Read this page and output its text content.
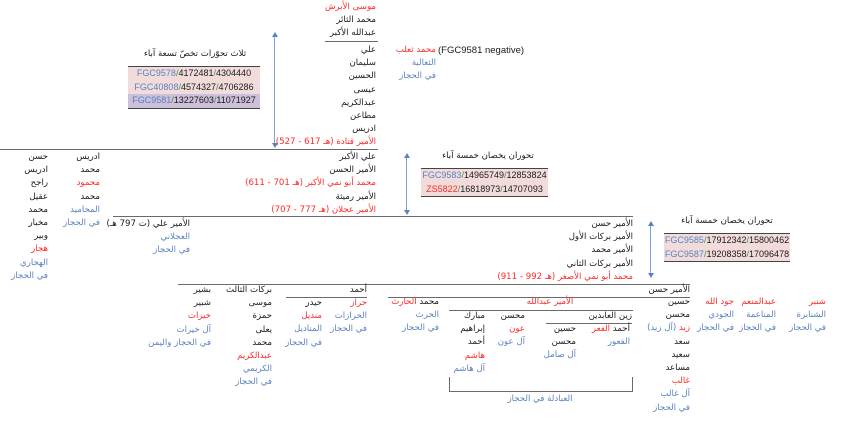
(FGC9581 negative)
موسى الأبرش
محمد الثائر
عبدالله الأكبر
علي
سليمان
الحسين
عيسى
عبدالكريم
مطاعن
ادريس
الأمير قتادة (هـ 617 - 527)
محمد ثعلب
الثعالبة
في الحجاز
ثلاث تحوّرات تخصّ تسعة آباء
FGC9578/4172481/4304440
FGC40808/4574327/4706286
FGC9581/13227603/11071927
علي الأكبر
الأمير الحسن
محمد أبو نمي الأكبر (هـ 701 - 611)
الأمير رميثة
الأمير عجلان (هـ 777 - 707)
حسن
ادريس
راجح
عقيل
محمد
مخبار
وبير
هجار
الهجاري
في الحجاز
ادريس
محمد
محمود
محمد
المحاميد
في الحجاز
تحوران يخصان خمسة آباء
FGC9583/14965749/12853824
ZS5822/16818973/14707093
الأمير علي (ت 797 هـ)
العجلاني
في الحجاز
الأمير حسن
الأمير بركات الأول
الأمير محمد
الأمير بركات الثاني
محمد أبو نمي الأصغر (هـ 992 - 911)
تحوران يخصان خمسة آباء
FGC9585/17912342/15800462
FGC9587/19208358/17096478
الأمير حسن
شنبر
الشنابرة
في الحجاز
عبدالمنعم
المناعمة
في الحجاز
جود الله
الجودي
في الحجاز
حسين
محسن
زيد (آل زيد)
سعد
سعيد
مساعد
غالب
آل غالب
في الحجاز
محمد الحارث
الحرث
في الحجاز
الأمير عبدالله
زين العابدين
أحمد الفعر
الفعور
حسين
محسن
آل صامل
محسن
عون
آل عون
مبارك
إبراهيم
أحمد
هاشم
آل هاشم
العبادلة في الحجاز
أحمد
حراز
الحرازات
في الحجاز
حيدر
منديل
المناديل
في الحجاز
بركات الثالث
موسى
حمزة
يعلى
محمد
عبدالكريم
الكريمي
في الحجاز
بشير
شبير
خيرات
آل خيرات
في الحجاز واليمن
